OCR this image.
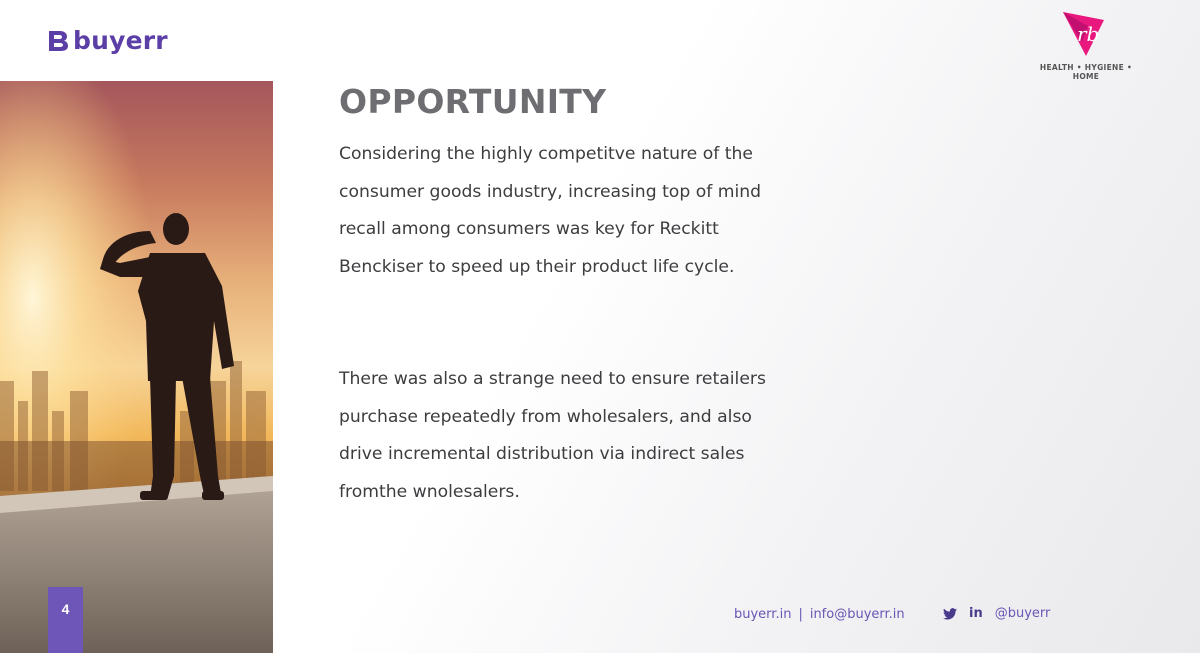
buyerr	rb
HEALTH • HYGIENE • HOME
4
OPPORTUNITY

Considering the highly competitve nature of the consumer goods industry, increasing top of mind recall among consumers was key for Reckitt Benckiser to speed up their product life cycle.

There was also a strange need to ensure retailers purchase repeatedly from wholesalers, and also drive incremental distribution via indirect sales fromthe wnolesalers.

buyerr.in | info@buyerr.in	in @buyerr
